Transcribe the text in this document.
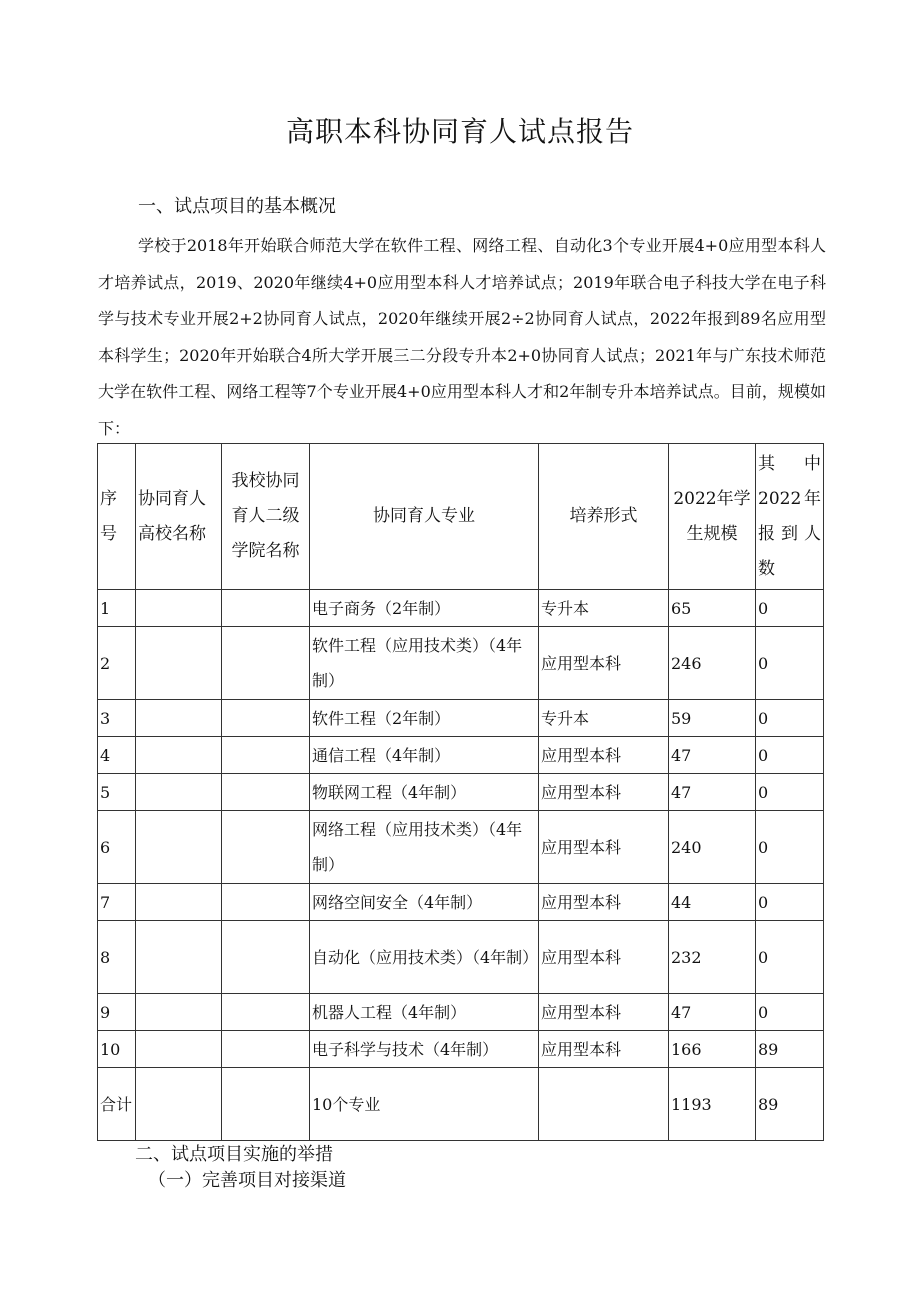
高职本科协同育人试点报告
一、试点项目的基本概况

学校于2018年开始联合师范大学在软件工程、网络工程、自动化3个专业开展4+0应用型本科人才培养试点，2019、2020年继续4+0应用型本科人才培养试点；2019年联合电子科技大学在电子科学与技术专业开展2+2协同育人试点，2020年继续开展2÷2协同育人试点，2022年报到89名应用型本科学生；2020年开始联合4所大学开展三二分段专升本2+0协同育人试点；2021年与广东技术师范大学在软件工程、网络工程等7个专业开展4+0应用型本科人才和2年制专升本培养试点。目前，规模如下：

序号	协同育人高校名称	我校协同育人二级学院名称	协同育人专业	培养形式	2022年学生规模	其中2022年报到人数
1			电子商务（2年制）	专升本	65	0
2			软件工程（应用技术类）（4年制）	应用型本科	246	0
3			软件工程（2年制）	专升本	59	0
4			通信工程（4年制）	应用型本科	47	0
5			物联网工程（4年制）	应用型本科	47	0
6			网络工程（应用技术类）（4年制）	应用型本科	240	0
7			网络空间安全（4年制）	应用型本科	44	0
8			自动化（应用技术类）（4年制）	应用型本科	232	0
9			机器人工程（4年制）	应用型本科	47	0
10			电子科学与技术（4年制）	应用型本科	166	89
合计			10个专业		1193	89
二、试点项目实施的举措
（一）完善项目对接渠道
